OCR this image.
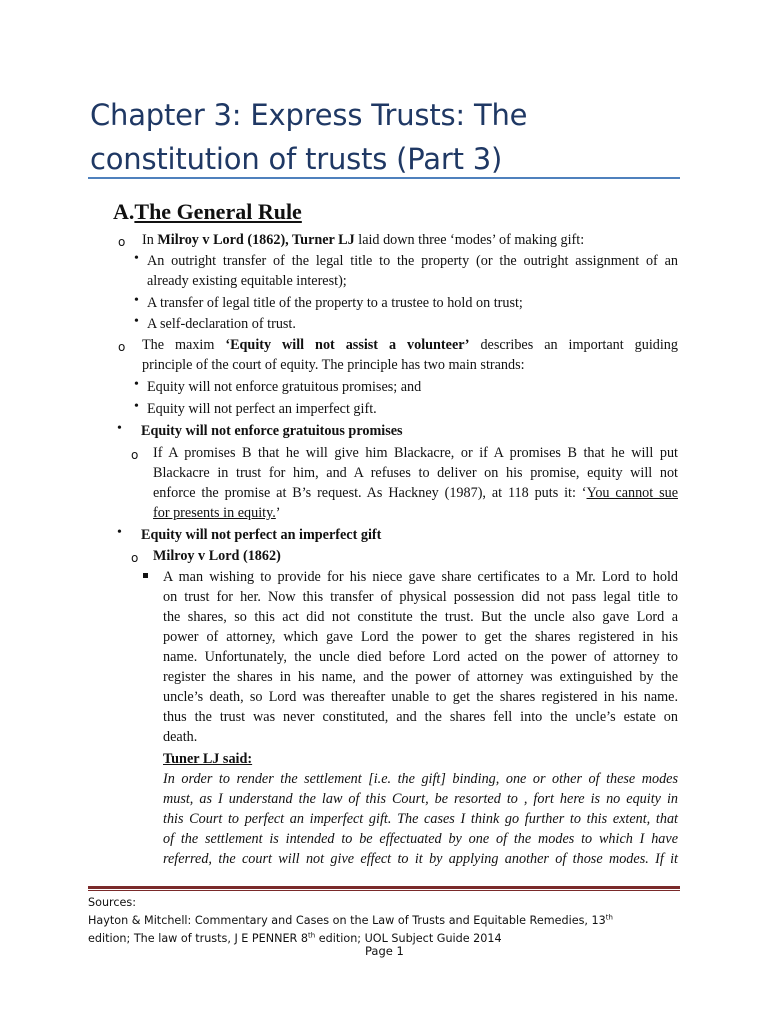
Chapter 3: Express Trusts: The
constitution of trusts (Part 3)
A.The General Rule
o In Milroy v Lord (1862), Turner LJ laid down three ‘modes’ of making gift:
• An outright transfer of the legal title to the property (or the outright assignment of an
already existing equitable interest);
• A transfer of legal title of the property to a trustee to hold on trust;
• A self-declaration of trust.
o The maxim ‘Equity will not assist a volunteer’ describes an important guiding
principle of the court of equity. The principle has two main strands:
• Equity will not enforce gratuitous promises; and
• Equity will not perfect an imperfect gift.
• Equity will not enforce gratuitous promises
o If A promises B that he will give him Blackacre, or if A promises B that he will put
Blackacre in trust for him, and A refuses to deliver on his promise, equity will not
enforce the promise at B’s request. As Hackney (1987), at 118 puts it: ‘You cannot sue
for presents in equity.’
• Equity will not perfect an imperfect gift
o Milroy v Lord (1862)
A man wishing to provide for his niece gave share certificates to a Mr. Lord to hold
on trust for her. Now this transfer of physical possession did not pass legal title to
the shares, so this act did not constitute the trust. But the uncle also gave Lord a
power of attorney, which gave Lord the power to get the shares registered in his
name. Unfortunately, the uncle died before Lord acted on the power of attorney to
register the shares in his name, and the power of attorney was extinguished by the
uncle’s death, so Lord was thereafter unable to get the shares registered in his name.
thus the trust was never constituted, and the shares fell into the uncle’s estate on
death.
Tuner LJ said:
In order to render the settlement [i.e. the gift] binding, one or other of these modes
must, as I understand the law of this Court, be resorted to , fort here is no equity in
this Court to perfect an imperfect gift. The cases I think go further to this extent, that
of the settlement is intended to be effectuated by one of the modes to which I have
referred, the court will not give effect to it by applying another of those modes. If it
Sources:
Hayton & Mitchell: Commentary and Cases on the Law of Trusts and Equitable Remedies, 13th
edition; The law of trusts, J E PENNER 8th edition; UOL Subject Guide 2014
Page 1
